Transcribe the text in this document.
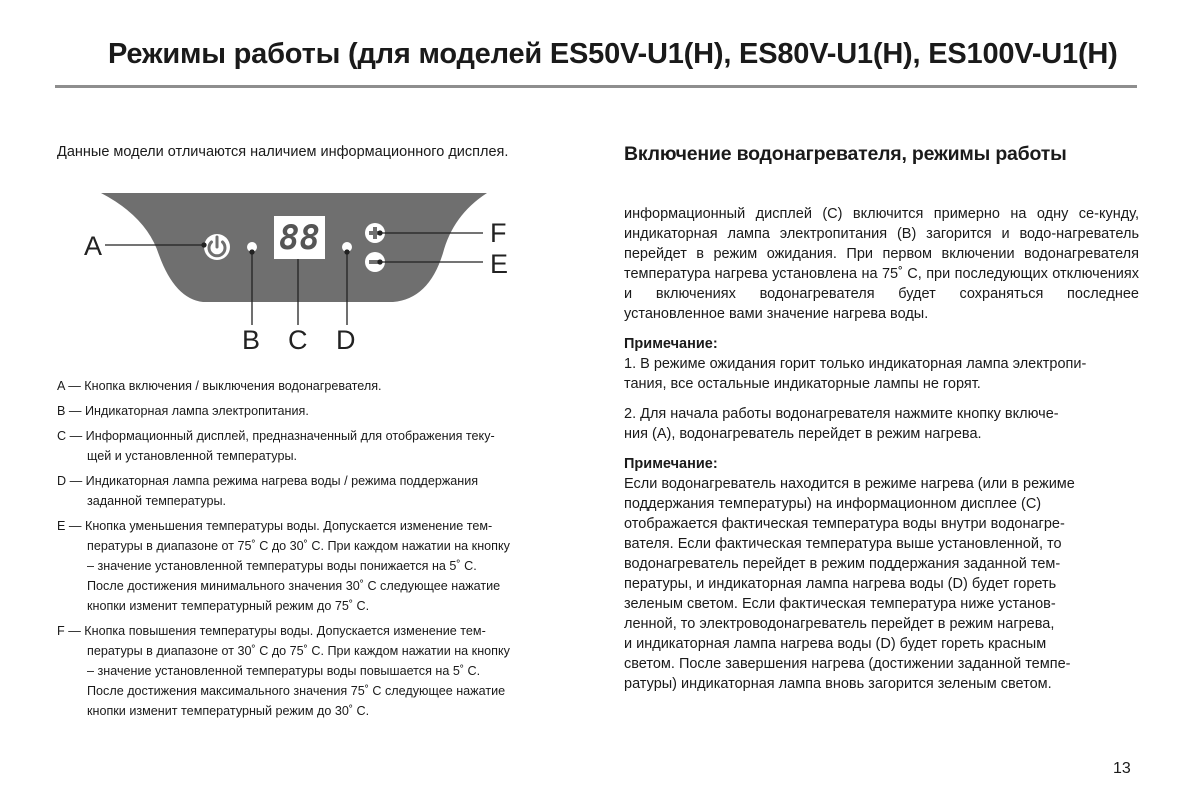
Режимы работы (для моделей ES50V-U1(H), ES80V-U1(H), ES100V-U1(H)
Данные модели отличаются наличием информационного дисплея.
88
A
B C D
F
E
A — Кнопка включения / выключения водонагревателя.
B — Индикаторная лампа электропитания.
C — Информационный дисплей, предназначенный для отображения теку-
щей и установленной температуры.
D — Индикаторная лампа режима нагрева воды / режима поддержания
заданной температуры.
E — Кнопка уменьшения температуры воды. Допускается изменение тем-
пературы в диапазоне от 75˚ С до 30˚ С. При каждом нажатии на кнопку
– значение установленной температуры воды понижается на 5˚ С.
После достижения минимального значения 30˚ С следующее нажатие
кнопки изменит температурный режим до 75˚ С.
F — Кнопка повышения температуры воды. Допускается изменение тем-
пературы в диапазоне от 30˚ С до 75˚ С. При каждом нажатии на кнопку
– значение установленной температуры воды повышается на 5˚ С.
После достижения максимального значения 75˚ С следующее нажатие
кнопки изменит температурный режим до 30˚ С.
Включение водонагревателя, режимы работы
информационный дисплей (C) включится примерно на одну се-кунду, индикаторная лампа электропитания (B) загорится и водо-нагреватель перейдет в режим ожидания. При первом включении водонагревателя температура нагрева установлена на 75˚ С, при последующих отключениях и включениях водонагревателя будет сохраняться последнее установленное вами значение нагрева воды.
Примечание:
1. В режиме ожидания горит только индикаторная лампа электропи-
тания, все остальные индикаторные лампы не горят.
2. Для начала работы водонагревателя нажмите кнопку включе-
ния (A), водонагреватель перейдет в режим нагрева.
Примечание:
Если водонагреватель находится в режиме нагрева (или в режиме
поддержания температуры) на информационном дисплее (C)
отображается фактическая температура воды внутри водонагре-
вателя. Если фактическая температура выше установленной, то
водонагреватель перейдет в режим поддержания заданной тем-
пературы, и индикаторная лампа нагрева воды (D) будет гореть
зеленым светом. Если фактическая температура ниже установ-
ленной, то электроводонагреватель перейдет в режим нагрева,
и индикаторная лампа нагрева воды (D) будет гореть красным
светом. После завершения нагрева (достижении заданной темпе-
ратуры) индикаторная лампа вновь загорится зеленым светом.
13
